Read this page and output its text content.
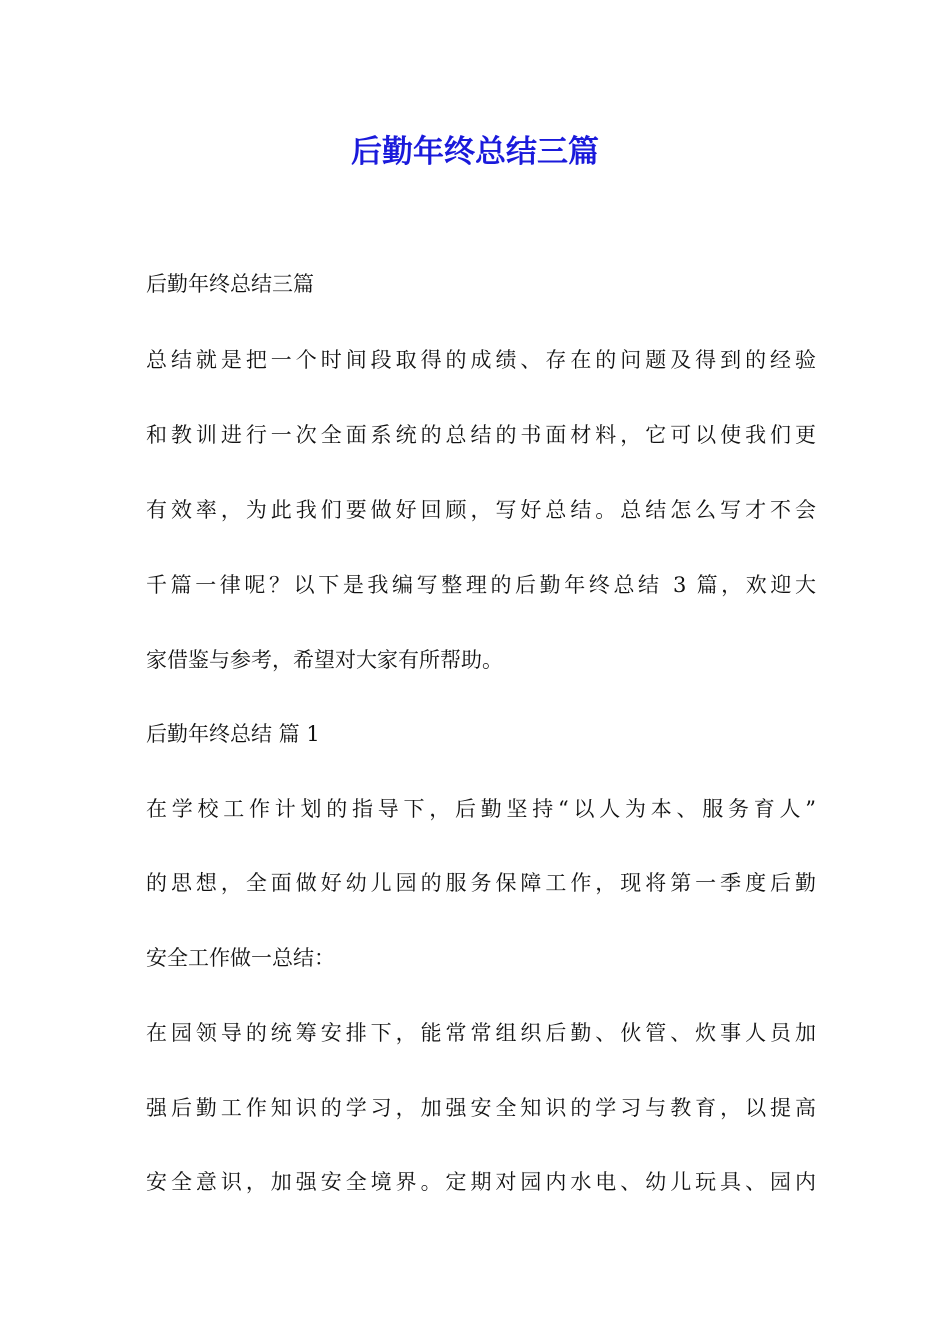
后勤年终总结三篇

后勤年终总结三篇

总结就是把一个时间段取得的成绩、存在的问题及得到的经验

和教训进行一次全面系统的总结的书面材料，它可以使我们更

有效率，为此我们要做好回顾，写好总结。总结怎么写才不会

千篇一律呢？以下是我编写整理的后勤年终总结 3 篇，欢迎大

家借鉴与参考，希望对大家有所帮助。

后勤年终总结 篇 1

在学校工作计划的指导下，后勤坚持“以人为本、服务育人”

的思想，全面做好幼儿园的服务保障工作，现将第一季度后勤

安全工作做一总结：

在园领导的统筹安排下，能常常组织后勤、伙管、炊事人员加

强后勤工作知识的学习，加强安全知识的学习与教育，以提高

安全意识，加强安全境界。定期对园内水电、幼儿玩具、园内
